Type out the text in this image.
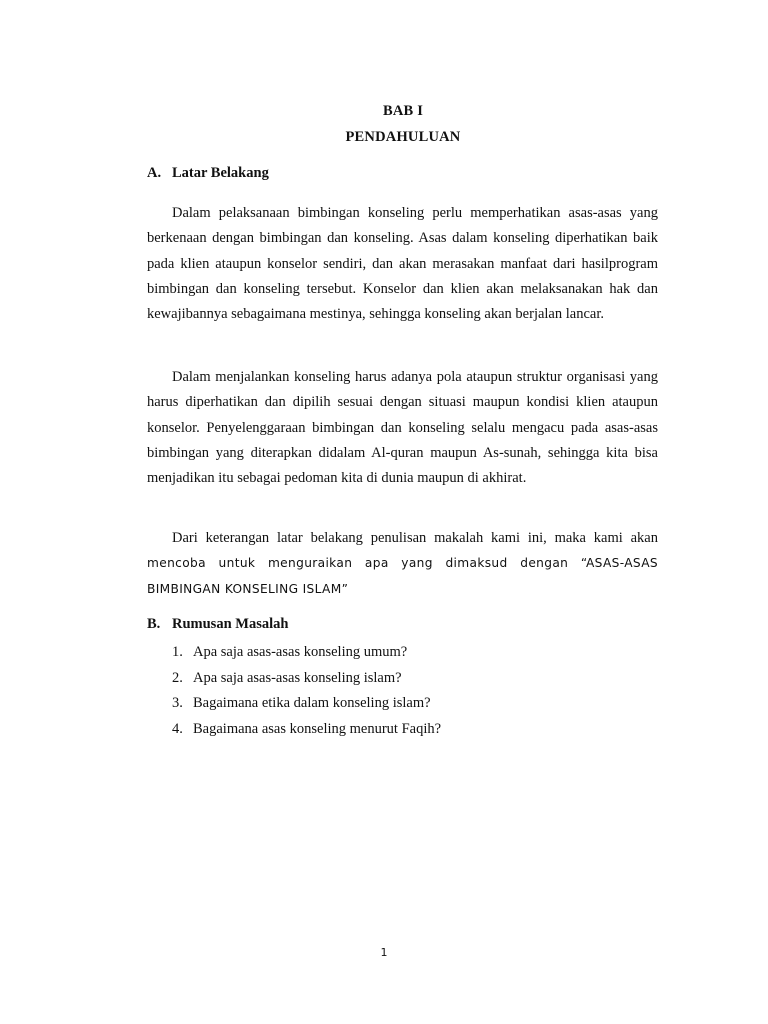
BAB I
PENDAHULUAN
A. Latar Belakang

Dalam pelaksanaan bimbingan konseling perlu memperhatikan asas-asas yang berkenaan dengan bimbingan dan konseling. Asas dalam konseling diperhatikan baik pada klien ataupun konselor sendiri, dan akan merasakan manfaat dari hasilprogram bimbingan dan konseling tersebut. Konselor dan klien akan melaksanakan hak dan kewajibannya sebagaimana mestinya, sehingga konseling akan berjalan lancar.

Dalam menjalankan konseling harus adanya pola ataupun struktur organisasi yang harus diperhatikan dan dipilih sesuai dengan situasi maupun kondisi klien ataupun konselor. Penyelenggaraan bimbingan dan konseling selalu mengacu pada asas-asas bimbingan yang diterapkan didalam Al-quran maupun As-sunah, sehingga kita bisa menjadikan itu sebagai pedoman kita di dunia maupun di akhirat.

Dari keterangan latar belakang penulisan makalah kami ini, maka kami akan mencoba untuk menguraikan apa yang dimaksud dengan “ASAS-ASAS BIMBINGAN KONSELING ISLAM”

B. Rumusan Masalah
1. Apa saja asas-asas konseling umum?
2. Apa saja asas-asas konseling islam?
3. Bagaimana etika dalam konseling islam?
4. Bagaimana asas konseling menurut Faqih?
1
